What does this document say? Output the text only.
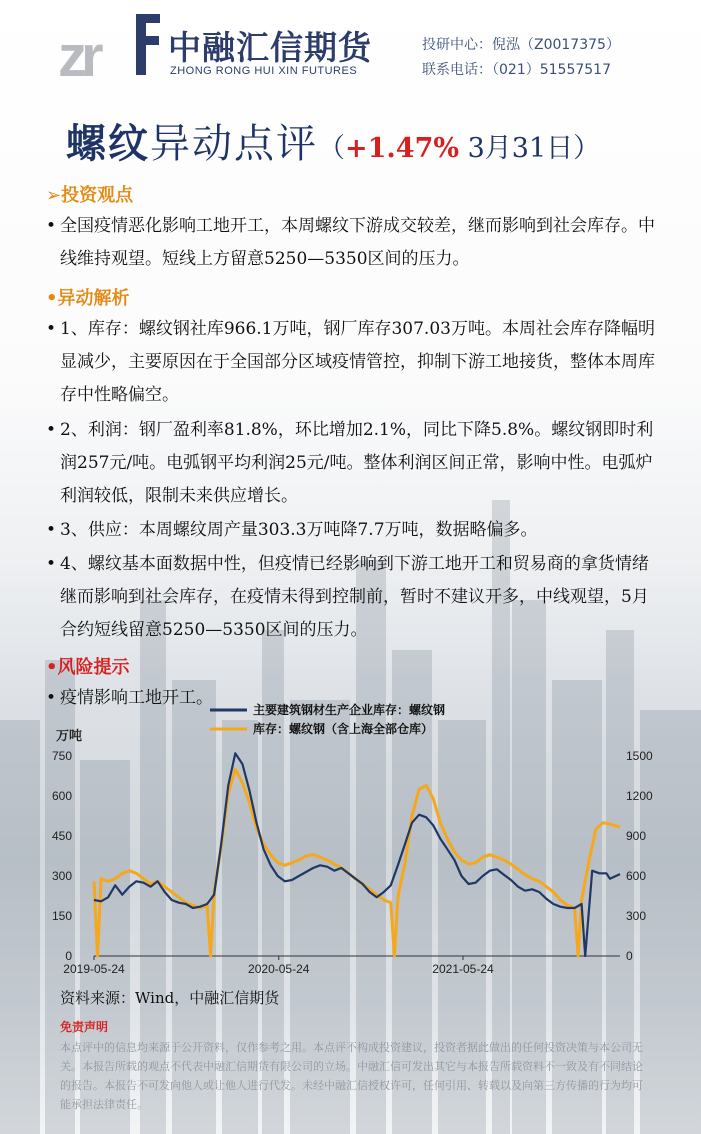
zr 中融汇信期货
ZHONG RONG HUI XIN FUTURES
投研中心：倪泓（Z0017375）
联系电话：（021）51557517
螺纹异动点评（+1.47% 3月31日）
➢投资观点
• 全国疫情恶化影响工地开工，本周螺纹下游成交较差，继而影响到社会库存。中线维持观望。短线上方留意5250—5350区间的压力。
•异动解析
• 1、库存：螺纹钢社库966.1万吨，钢厂库存307.03万吨。本周社会库存降幅明显减少，主要原因在于全国部分区域疫情管控，抑制下游工地接货，整体本周库存中性略偏空。
• 2、利润：钢厂盈利率81.8%，环比增加2.1%，同比下降5.8%。螺纹钢即时利润257元/吨。电弧钢平均利润25元/吨。整体利润区间正常，影响中性。电弧炉利润较低，限制未来供应增长。
• 3、供应：本周螺纹周产量303.3万吨降7.7万吨，数据略偏多。
• 4、螺纹基本面数据中性，但疫情已经影响到下游工地开工和贸易商的拿货情绪继而影响到社会库存，在疫情未得到控制前，暂时不建议开多，中线观望，5月合约短线留意5250—5350区间的压力。
•风险提示
• 疫情影响工地开工。
万吨
0
150
300
450
600
750
0
300
600
900
1200
1500
2019-05-24	2020-05-24	2021-05-24
主要建筑钢材生产企业库存：螺纹钢
库存：螺纹钢（含上海全部仓库）
资料来源：Wind，中融汇信期货
免责声明
本点评中的信息均来源于公开资料，仅作参考之用。本点评不构成投资建议，投资者据此做出的任何投资决策与本公司无关。本报告所载的观点不代表中融汇信期货有限公司的立场。中融汇信可发出其它与本报告所载资料不一致及有不同结论的报告。本报告不可发向他人或让他人进行代发。未经中融汇信授权许可，任何引用、转载以及向第三方传播的行为均可能承担法律责任。
